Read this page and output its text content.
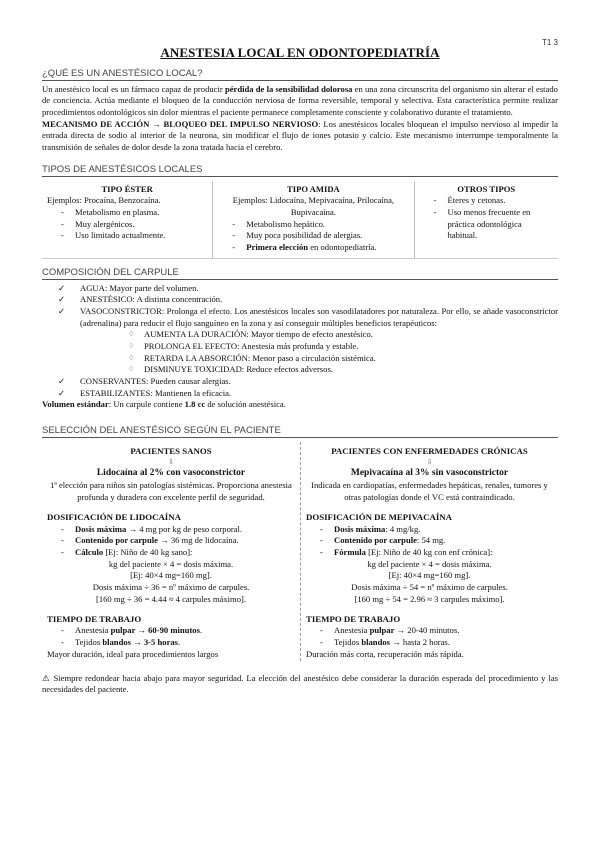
T1 3
ANESTESIA LOCAL EN ODONTOPEDIATRÍA
¿QUÉ ES UN ANESTÉSICO LOCAL?

Un anestésico local es un fármaco capaz de producir pérdida de la sensibilidad dolorosa en una zona circunscrita del organismo sin alterar el estado de conciencia. Actúa mediante el bloqueo de la conducción nerviosa de forma reversible, temporal y selectiva. Esta característica permite realizar procedimientos odontológicos sin dolor mientras el paciente permanece completamente consciente y colaborativo durante el tratamiento.

MECANISMO DE ACCIÓN → BLOQUEO DEL IMPULSO NERVIOSO: Los anestésicos locales bloquean el impulso nervioso al impedir la entrada directa de sodio al interior de la neurona, sin modificar el flujo de iones potasio y calcio. Este mecanismo interrumpe temporalmente la transmisión de señales de dolor desde la zona tratada hacia el cerebro.

TIPOS DE ANESTÉSICOS LOCALES
TIPO ÉSTER
Ejemplos: Procaína, Benzocaína.
- Metabolismo en plasma.
- Muy alergénicos.
- Uso limitado actualmente.
TIPO AMIDA
Ejemplos: Lidocaína, Mepivacaína, Prilocaína, Bupivacaína.
- Metabolismo hepático.
- Muy poca posibilidad de alergias.
- Primera elección en odontopediatría.
OTROS TIPOS
- Éteres y cetonas.
- Uso menos frecuente en práctica odontológica habitual.
COMPOSICIÓN DEL CARPULE
✓ AGUA: Mayor parte del volumen.
✓ ANESTÉSICO: A distinta concentración.
✓ VASOCONSTRICTOR: Prolonga el efecto. Los anestésicos locales son vasodilatadores por naturaleza. Por ello, se añade vasoconstrictor (adrenalina) para reducir el flujo sanguíneo en la zona y así conseguir múltiples beneficios terapéuticos:
♢ AUMENTA LA DURACIÓN: Mayor tiempo de efecto anestésico.
♢ PROLONGA EL EFECTO: Anestesia más profunda y estable.
♢ RETARDA LA ABSORCIÓN: Menor paso a circulación sistémica.
♢ DISMINUYE TOXICIDAD: Reduce efectos adversos.
✓ CONSERVANTES: Pueden causar alergias.
✓ ESTABILIZANTES: Mantienen la eficacia.

Volumen estándar: Un carpule contiene 1.8 cc de solución anestésica.

SELECCIÓN DEL ANESTÉSICO SEGÚN EL PACIENTE
PACIENTES SANOS
⇩
Lidocaína al 2% con vasoconstrictor
1ª elección para niños sin patologías sistémicas. Proporciona anestesia profunda y duradera con excelente perfil de seguridad.
DOSIFICACIÓN DE LIDOCAÍNA
- Dosis máxima → 4 mg por kg de peso corporal.
- Contenido por carpule → 36 mg de lidocaína.
- Cálculo [Ej: Niño de 40 kg sano]:
kg del paciente × 4 = dosis máxima.
[Ej: 40×4 mg=160 mg].
Dosis máxima ÷ 36 = nº máximo de carpules.
[160 mg ÷ 36 = 4.44 ≈ 4 carpules máximo].
TIEMPO DE TRABAJO
- Anestesia pulpar → 60-90 minutos.
- Tejidos blandos → 3-5 horas.
Mayor duración, ideal para procedimientos largos
PACIENTES CON ENFERMEDADES CRÓNICAS
⇩
Mepivacaína al 3% sin vasoconstrictor
Indicada en cardiopatías, enfermedades hepáticas, renales, tumores y otras patologías donde el VC está contraindicado.
DOSIFICACIÓN DE MEPIVACAÍNA
- Dosis máxima: 4 mg/kg.
- Contenido por carpule: 54 mg.
- Fórmula [Ej: Niño de 40 kg con enf crónica]:
kg del paciente × 4 = dosis máxima.
[Ej: 40×4 mg=160 mg].
Dosis máxima ÷ 54 = nº máximo de carpules.
[160 mg ÷ 54 = 2.96 ≈ 3 carpules máximo].
TIEMPO DE TRABAJO
- Anestesia pulpar → 20-40 minutos.
- Tejidos blandos → hasta 2 horas.
Duración más corta, recuperación más rápida.

⚠ Siempre redondear hacia abajo para mayor seguridad. La elección del anestésico debe considerar la duración esperada del procedimiento y las necesidades del paciente.
